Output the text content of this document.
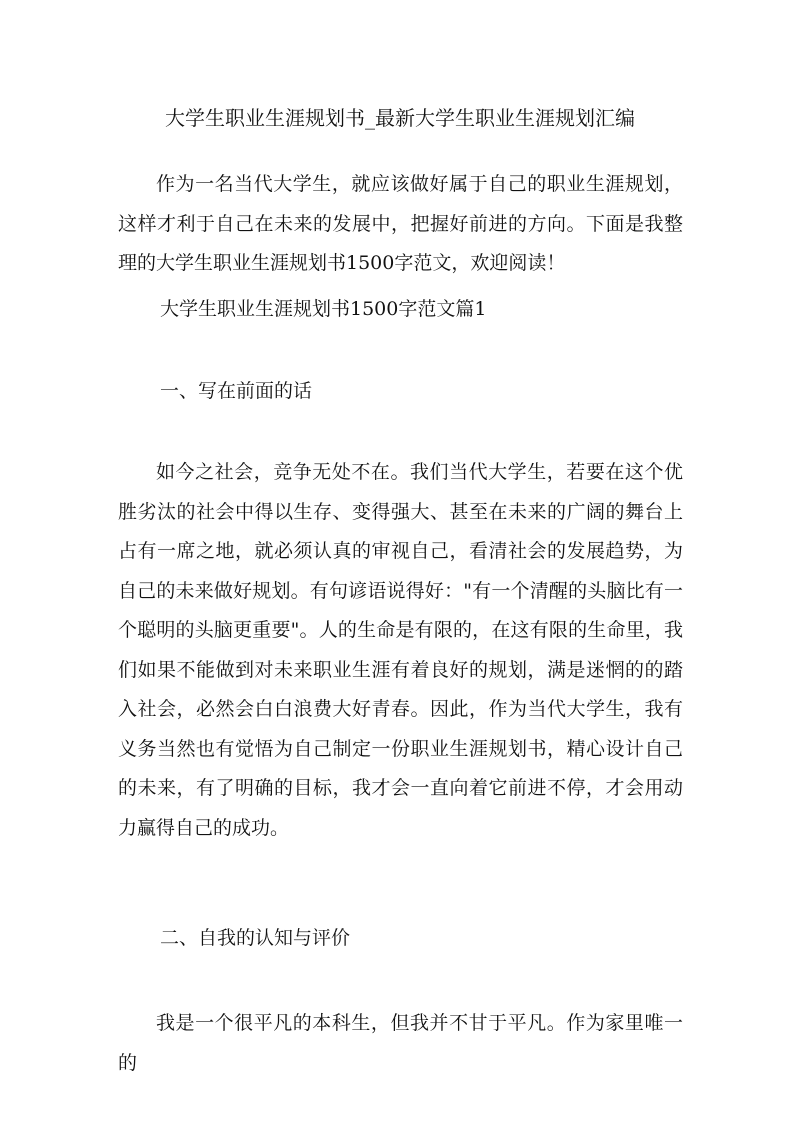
大学生职业生涯规划书_最新大学生职业生涯规划汇编

作为一名当代大学生，就应该做好属于自己的职业生涯规划，这样才利于自己在未来的发展中，把握好前进的方向。下面是我整理的大学生职业生涯规划书1500字范文，欢迎阅读！

大学生职业生涯规划书1500字范文篇1
一、写在前面的话

如今之社会，竞争无处不在。我们当代大学生，若要在这个优胜劣汰的社会中得以生存、变得强大、甚至在未来的广阔的舞台上占有一席之地，就必须认真的审视自己，看清社会的发展趋势，为自己的未来做好规划。有句谚语说得好："有一个清醒的头脑比有一个聪明的头脑更重要"。人的生命是有限的，在这有限的生命里，我们如果不能做到对未来职业生涯有着良好的规划，满是迷惘的的踏入社会，必然会白白浪费大好青春。因此，作为当代大学生，我有义务当然也有觉悟为自己制定一份职业生涯规划书，精心设计自己的未来，有了明确的目标，我才会一直向着它前进不停，才会用动力赢得自己的成功。

二、自我的认知与评价

我是一个很平凡的本科生，但我并不甘于平凡。作为家里唯一的
